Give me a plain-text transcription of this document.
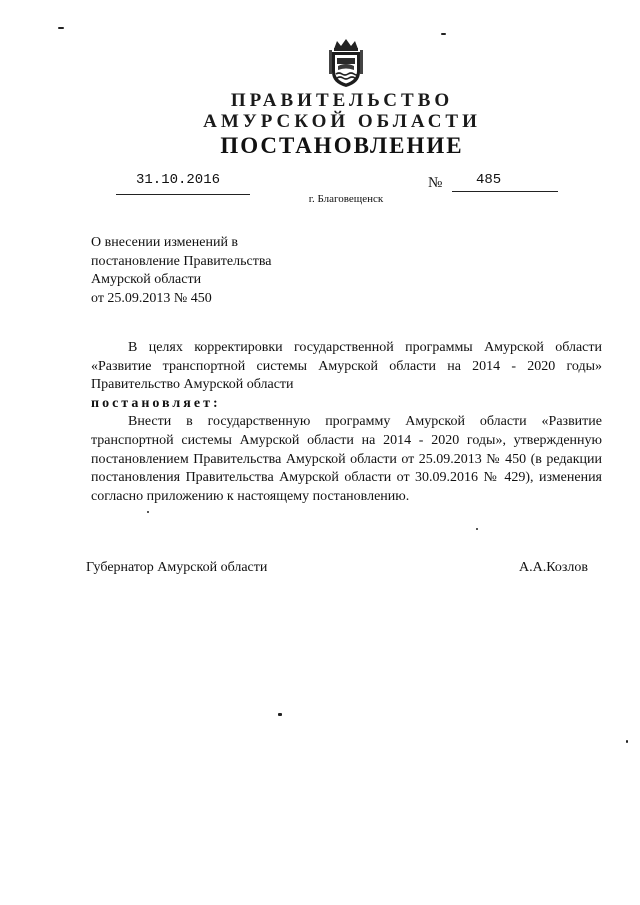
ПРАВИТЕЛЬСТВО
АМУРСКОЙ ОБЛАСТИ
ПОСТАНОВЛЕНИЕ
31.10.2016	№ 485
г. Благовещенск
О внесении изменений в
постановление Правительства
Амурской области
от 25.09.2013 № 450

В целях корректировки государственной программы Амурской области «Развитие транспортной системы Амурской области на 2014 - 2020 годы» Правительство Амурской области

постановляет:

Внести в государственную программу Амурской области «Развитие транспортной системы Амурской области на 2014 - 2020 годы», утвержденную постановлением Правительства Амурской области от 25.09.2013 № 450 (в редакции постановления Правительства Амурской области от 30.09.2016 № 429), изменения согласно приложению к настоящему постановлению.

Губернатор Амурской области	А.А.Козлов
